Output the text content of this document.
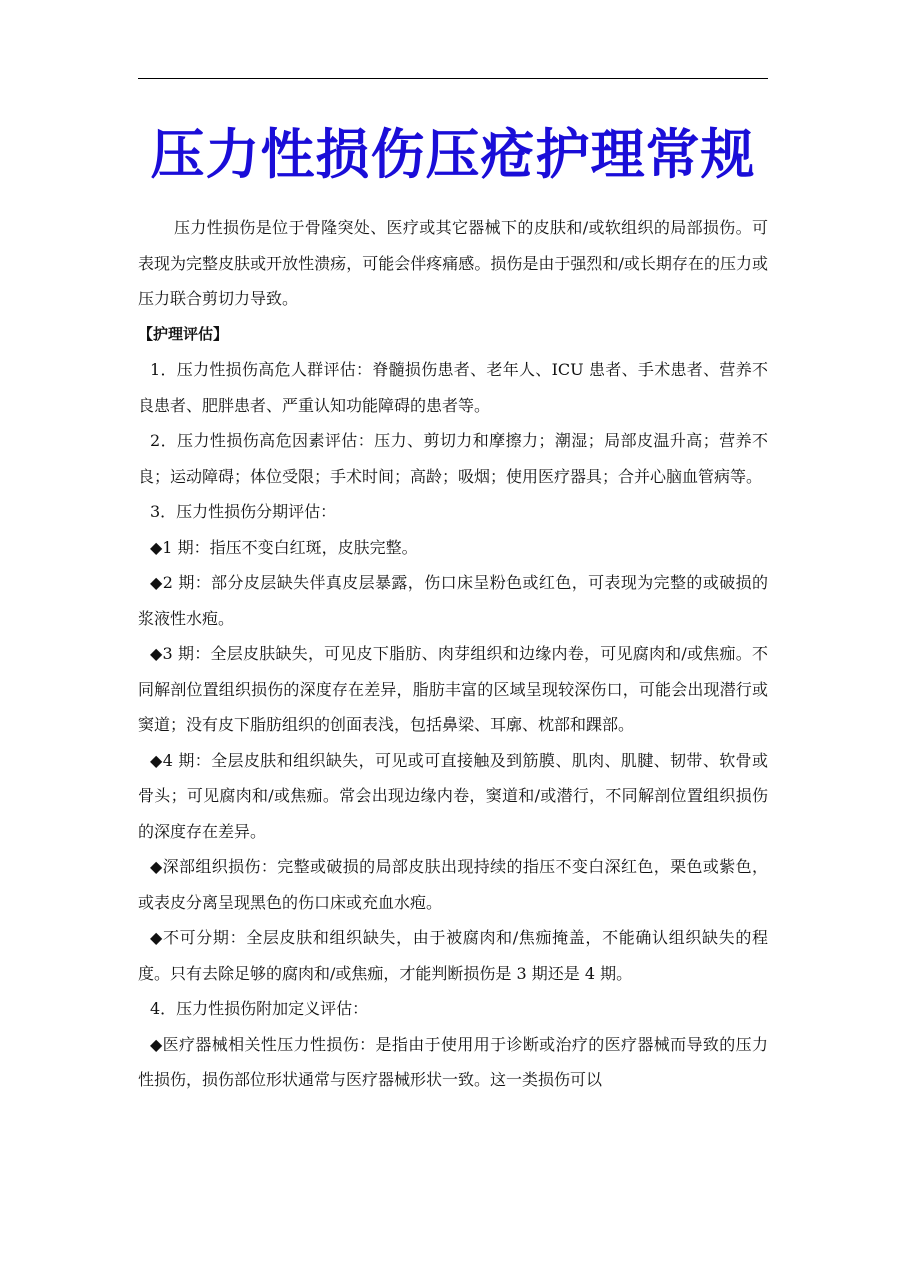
压力性损伤压疮护理常规

压力性损伤是位于骨隆突处、医疗或其它器械下的皮肤和/或软组织的局部损伤。可表现为完整皮肤或开放性溃疡，可能会伴疼痛感。损伤是由于强烈和/或长期存在的压力或压力联合剪切力导致。

【护理评估】

1．压力性损伤高危人群评估：脊髓损伤患者、老年人、ICU 患者、手术患者、营养不良患者、肥胖患者、严重认知功能障碍的患者等。

2．压力性损伤高危因素评估：压力、剪切力和摩擦力；潮湿；局部皮温升高；营养不良；运动障碍；体位受限；手术时间；高龄；吸烟；使用医疗器具；合并心脑血管病等。

3．压力性损伤分期评估：

◆1 期：指压不变白红斑，皮肤完整。

◆2 期：部分皮层缺失伴真皮层暴露，伤口床呈粉色或红色，可表现为完整的或破损的浆液性水疱。

◆3 期：全层皮肤缺失，可见皮下脂肪、肉芽组织和边缘内卷，可见腐肉和/或焦痂。不同解剖位置组织损伤的深度存在差异，脂肪丰富的区域呈现较深伤口，可能会出现潜行或窦道；没有皮下脂肪组织的创面表浅，包括鼻梁、耳廓、枕部和踝部。

◆4 期：全层皮肤和组织缺失，可见或可直接触及到筋膜、肌肉、肌腱、韧带、软骨或骨头；可见腐肉和/或焦痂。常会出现边缘内卷，窦道和/或潜行，不同解剖位置组织损伤的深度存在差异。

◆深部组织损伤：完整或破损的局部皮肤出现持续的指压不变白深红色，栗色或紫色，或表皮分离呈现黑色的伤口床或充血水疱。

◆不可分期：全层皮肤和组织缺失，由于被腐肉和/焦痂掩盖，不能确认组织缺失的程度。只有去除足够的腐肉和/或焦痂，才能判断损伤是 3 期还是 4 期。

4．压力性损伤附加定义评估：

◆医疗器械相关性压力性损伤：是指由于使用用于诊断或治疗的医疗器械而导致的压力性损伤，损伤部位形状通常与医疗器械形状一致。这一类损伤可以
